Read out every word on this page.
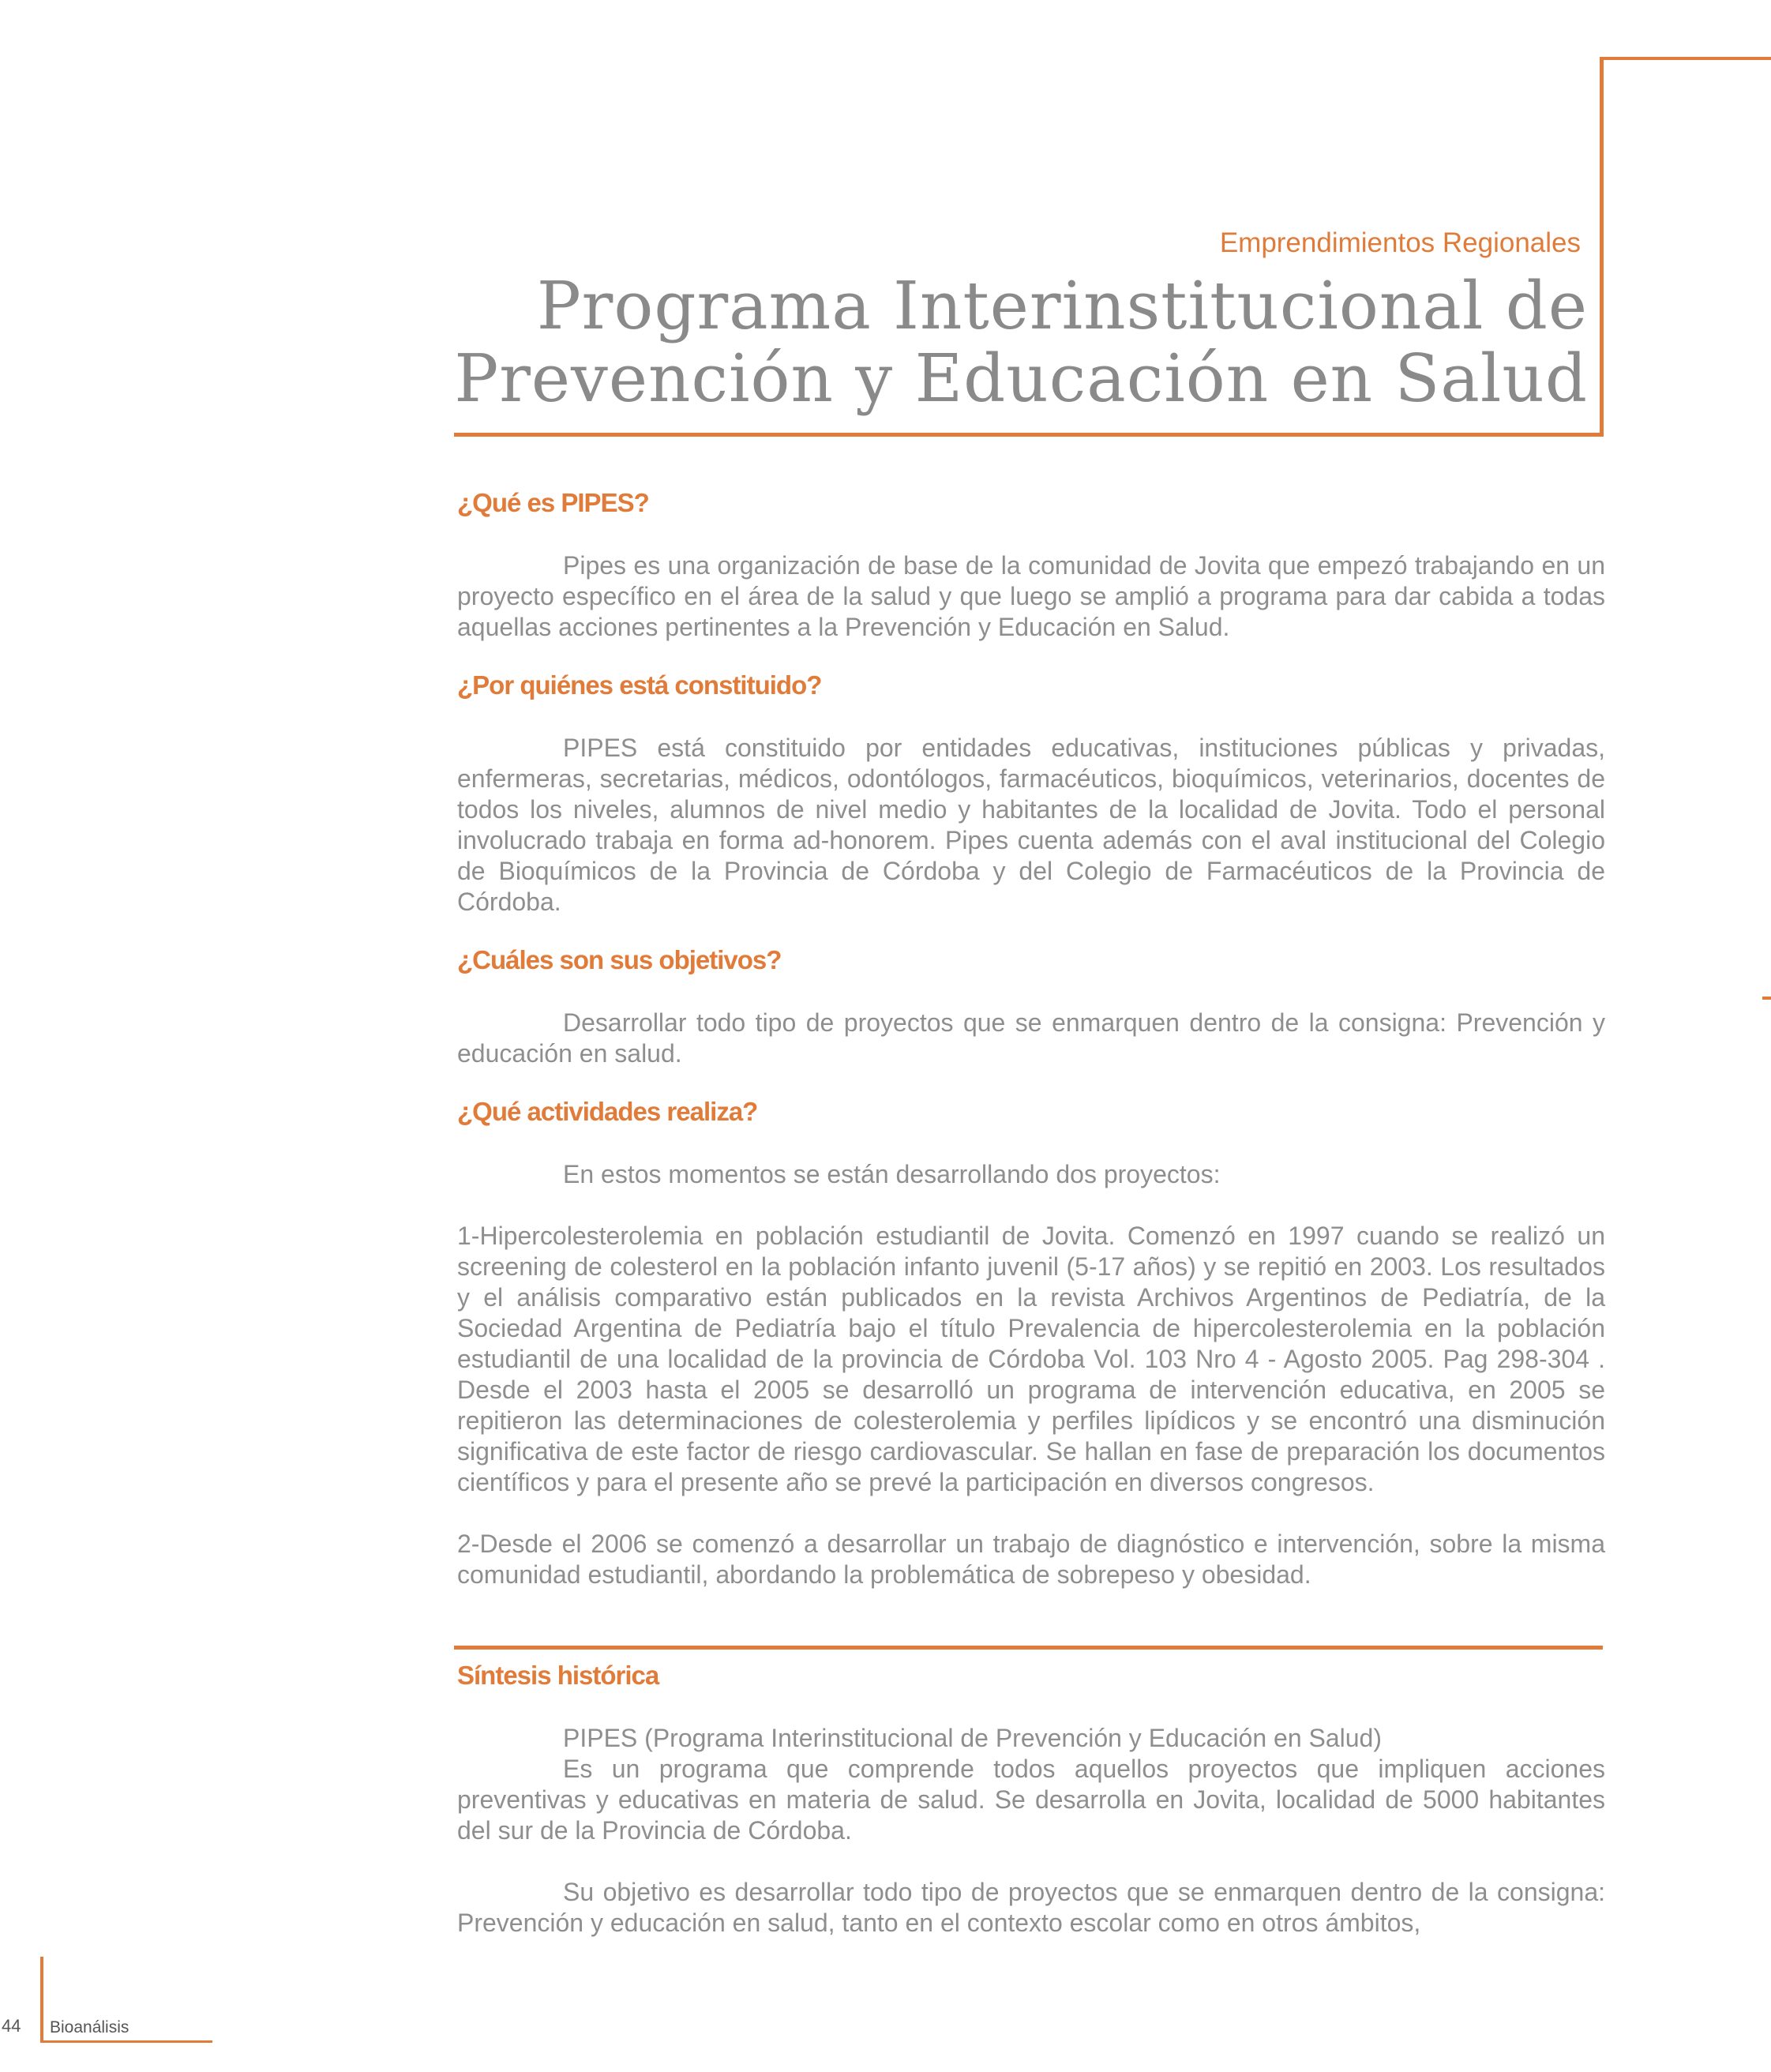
Emprendimientos Regionales
Programa Interinstitucional de
Prevención y Educación en Salud
¿Qué es PIPES?

Pipes es una organización de base de la comunidad de Jovita que empezó trabajando en un proyecto específico en el área de la salud y que luego se amplió a programa para dar cabida a todas aquellas acciones pertinentes a la Prevención y Educación en Salud.

¿Por quiénes está constituido?

PIPES está constituido por entidades educativas, instituciones públicas y privadas, enfermeras, secretarias, médicos, odontólogos, farmacéuticos, bioquímicos, veterinarios, docentes de todos los niveles, alumnos de nivel medio y habitantes de la localidad de Jovita. Todo el personal involucrado trabaja en forma ad-honorem. Pipes cuenta además con el aval institucional del Colegio de Bioquímicos de la Provincia de Córdoba y del Colegio de Farmacéuticos de la Provincia de Córdoba.

¿Cuáles son sus objetivos?

Desarrollar todo tipo de proyectos que se enmarquen dentro de la consigna: Prevención y educación en salud.

¿Qué actividades realiza?

En estos momentos se están desarrollando dos proyectos:

1-Hipercolesterolemia en población estudiantil de Jovita. Comenzó en 1997 cuando se realizó un screening de colesterol en la población infanto juvenil (5-17 años) y se repitió en 2003. Los resultados y el análisis comparativo están publicados en la revista Archivos Argentinos de Pediatría, de la Sociedad Argentina de Pediatría bajo el título Prevalencia de hipercolesterolemia en la población estudiantil de una localidad de la provincia de Córdoba Vol. 103 Nro 4 - Agosto 2005. Pag 298-304 . Desde el 2003 hasta el 2005 se desarrolló un programa de intervención educativa, en 2005 se repitieron las determinaciones de colesterolemia y perfiles lipídicos y se encontró una disminución significativa de este factor de riesgo cardiovascular. Se hallan en fase de preparación los documentos científicos y para el presente año se prevé la participación en diversos congresos.

2-Desde el 2006 se comenzó a desarrollar un trabajo de diagnóstico e intervención, sobre la misma comunidad estudiantil, abordando la problemática de sobrepeso y obesidad.

Síntesis histórica

PIPES (Programa Interinstitucional de Prevención y Educación en Salud)

Es un programa que comprende todos aquellos proyectos que impliquen acciones preventivas y educativas en materia de salud. Se desarrolla en Jovita, localidad de 5000 habitantes del sur de la Provincia de Córdoba.

Su objetivo es desarrollar todo tipo de proyectos que se enmarquen dentro de la consigna: Prevención y educación en salud, tanto en el contexto escolar como en otros ámbitos,

44 Bioanálisis
